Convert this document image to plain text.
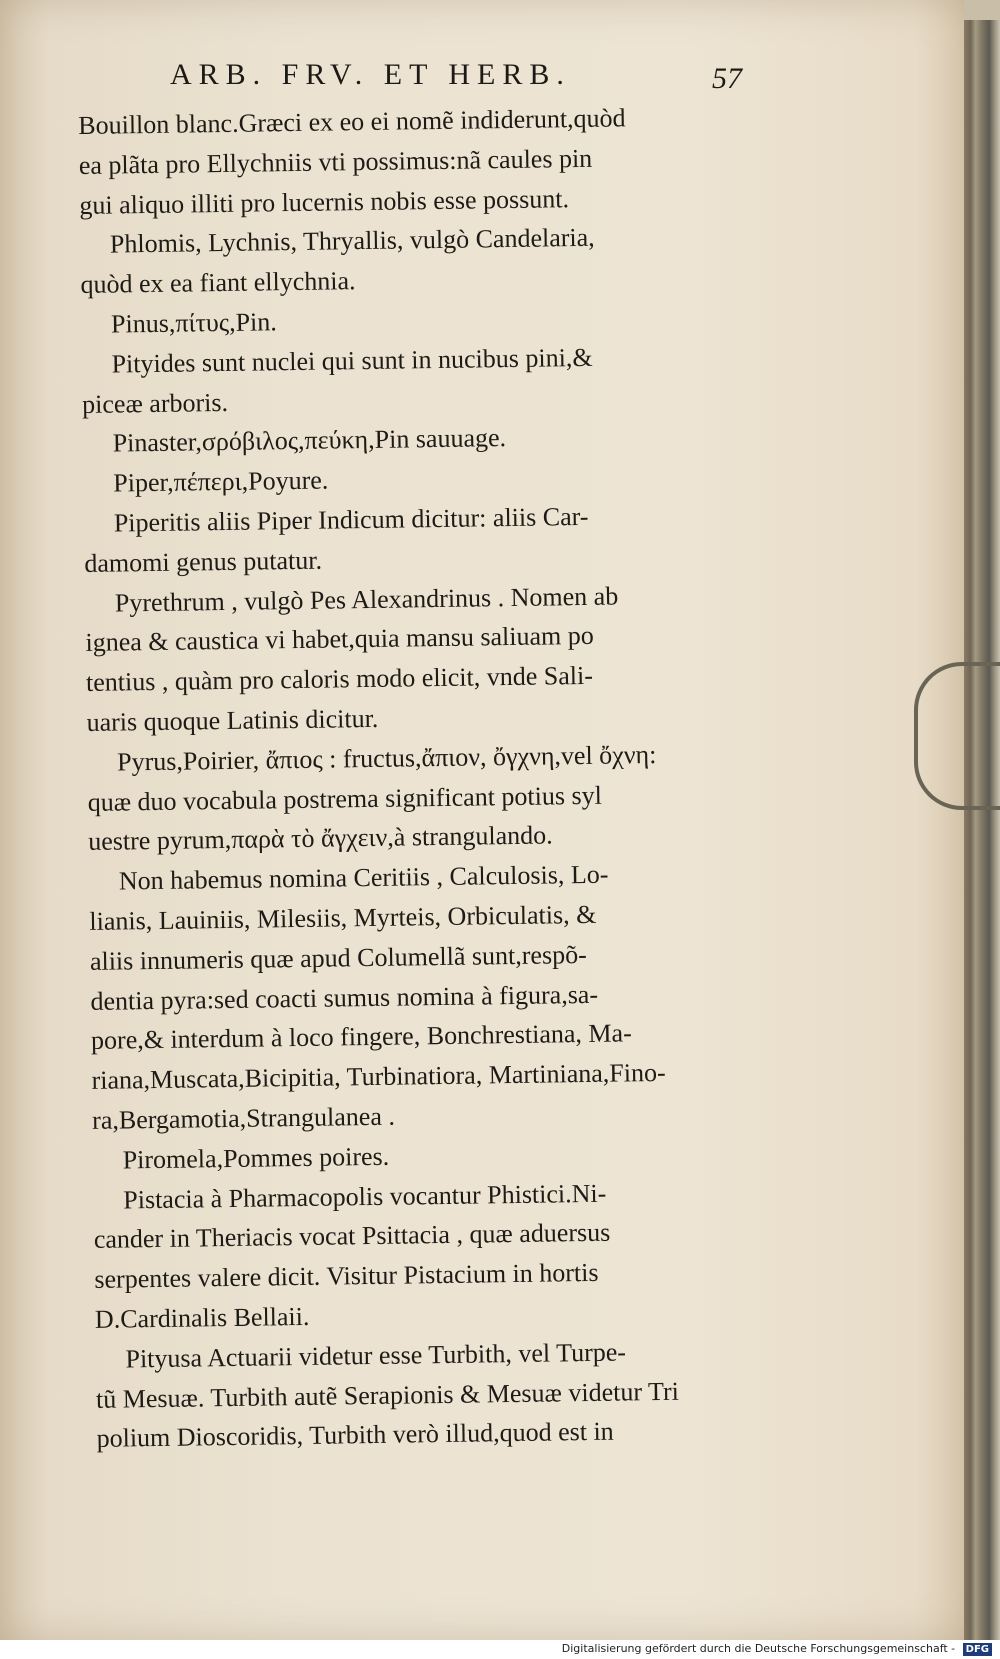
ARB. FRV. ET HERB.	57
Bouillon blanc.Græci ex eo ei nomẽ indiderunt,quòd
ea plãta pro Ellychniis vti possimus:nã caules pin
gui aliquo illiti pro lucernis nobis esse possunt.
Phlomis, Lychnis, Thryallis, vulgò Candelaria,
quòd ex ea fiant ellychnia.
Pinus,πίτυς,Pin.
Pityides sunt nuclei qui sunt in nucibus pini,&
piceæ arboris.
Pinaster,σρόβιλος,πεύκη,Pin sauuage.
Piper,πέπερι,Poyure.
Piperitis aliis Piper Indicum dicitur: aliis Car-
damomi genus putatur.
Pyrethrum , vulgò Pes Alexandrinus . Nomen ab
ignea & caustica vi habet,quia mansu saliuam po
tentius , quàm pro caloris modo elicit, vnde Sali-
uaris quoque Latinis dicitur.
Pyrus,Poirier, ἄπιος : fructus,ἄπιον, ὄγχνη,vel ὄχνη:
quæ duo vocabula postrema significant potius syl
uestre pyrum,παρὰ τὸ ἄγχειν,à strangulando.
Non habemus nomina Ceritiis , Calculosis, Lo-
lianis, Lauiniis, Milesiis, Myrteis, Orbiculatis, &
aliis innumeris quæ apud Columellã sunt,respõ-
dentia pyra:sed coacti sumus nomina à figura,sa-
pore,& interdum à loco fingere, Bonchrestiana, Ma-
riana,Muscata,Bicipitia, Turbinatiora, Martiniana,Fino-
ra,Bergamotia,Strangulanea .
Piromela,Pommes poires.
Pistacia à Pharmacopolis vocantur Phistici.Ni-
cander in Theriacis vocat Psittacia , quæ aduersus
serpentes valere dicit. Visitur Pistacium in hortis
D.Cardinalis Bellaii.
Pityusa Actuarii videtur esse Turbith, vel Turpe-
tũ Mesuæ. Turbith autẽ Serapionis & Mesuæ videtur Tri
polium Dioscoridis, Turbith verò illud,quod est in
Digitalisierung gefördert durch die Deutsche Forschungsgemeinschaft - DFG
